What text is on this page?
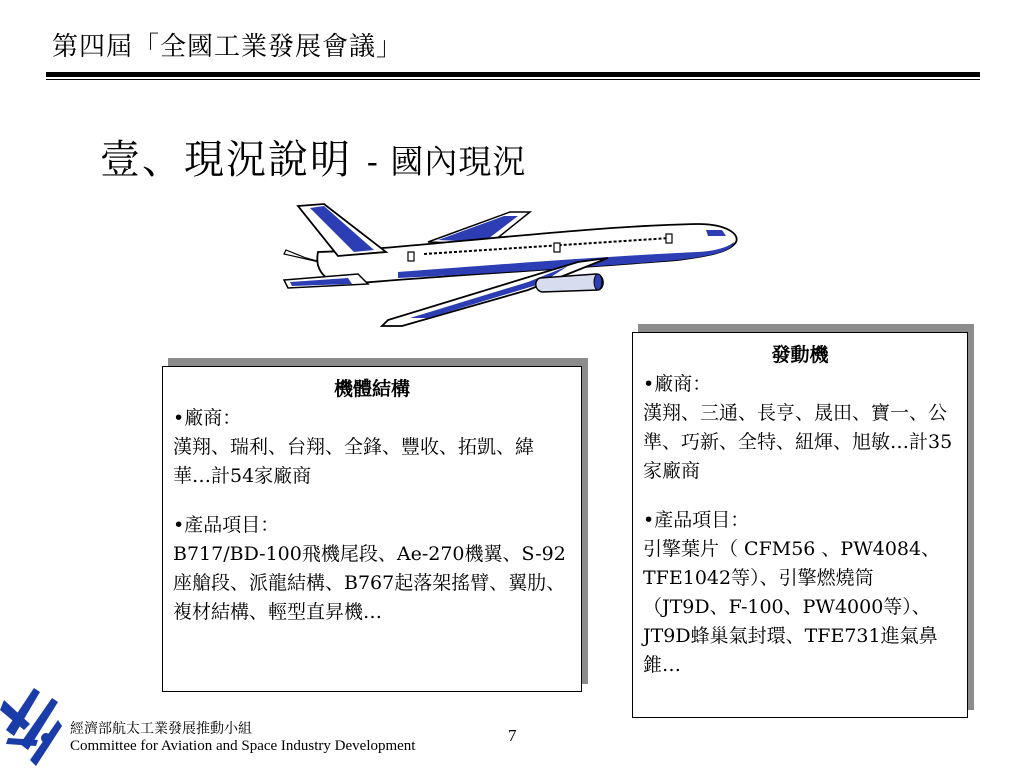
第四屆「全國工業發展會議」
壹、現況說明 - 國內現況
機體結構

•廠商：

漢翔、瑞利、台翔、全鋒、豐收、拓凱、緯華…計54家廠商

•產品項目：

B717/BD-100飛機尾段、Ae-270機翼、S-92座艙段、派龍結構、B767起落架搖臂、翼肋、複材結構、輕型直昇機…

發動機

•廠商：

漢翔、三通、長亨、晟田、寶一、公準、巧新、全特、紐煇、旭敏…計35家廠商

•產品項目：

引擎葉片（ CFM56 、PW4084、TFE1042等）、引擎燃燒筒（JT9D、F-100、PW4000等）、JT9D蜂巢氣封環、TFE731進氣鼻錐…

經濟部航太工業發展推動小組
Committee for Aviation and Space Industry Development
7
